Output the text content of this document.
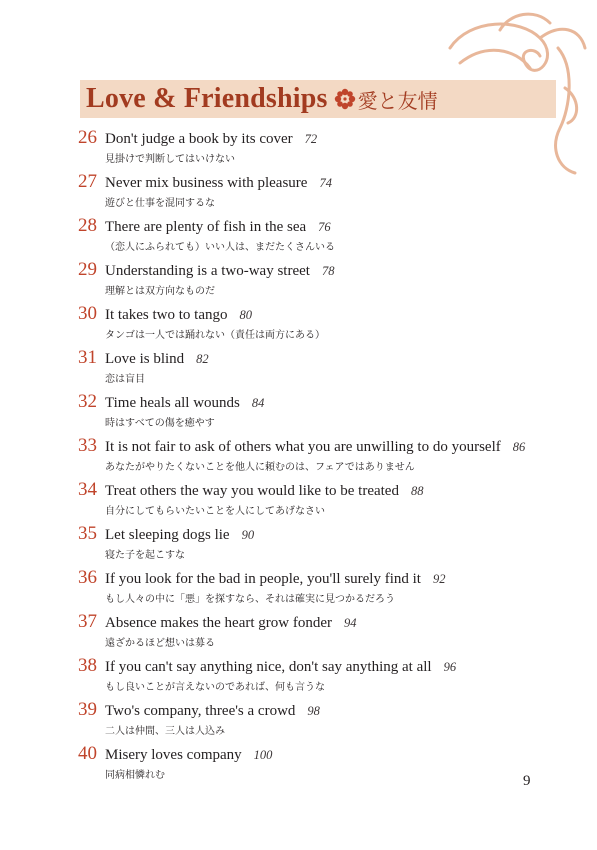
Love & Friendships 愛と友情
26 Don't judge a book by its cover 72
見掛けで判断してはいけない
27 Never mix business with pleasure 74
遊びと仕事を混同するな
28 There are plenty of fish in the sea 76
（恋人にふられても）いい人は、まだたくさんいる
29 Understanding is a two-way street 78
理解とは双方向なものだ
30 It takes two to tango 80
タンゴは一人では踊れない（責任は両方にある）
31 Love is blind 82
恋は盲目
32 Time heals all wounds 84
時はすべての傷を癒やす
33 It is not fair to ask of others what you are unwilling to do yourself 86
あなたがやりたくないことを他人に頼むのは、フェアではありません
34 Treat others the way you would like to be treated 88
自分にしてもらいたいことを人にしてあげなさい
35 Let sleeping dogs lie 90
寝た子を起こすな
36 If you look for the bad in people, you'll surely find it 92
もし人々の中に「悪」を探すなら、それは確実に見つかるだろう
37 Absence makes the heart grow fonder 94
遠ざかるほど想いは募る
38 If you can't say anything nice, don't say anything at all 96
もし良いことが言えないのであれば、何も言うな
39 Two's company, three's a crowd 98
二人は仲間、三人は人込み
40 Misery loves company 100
同病相憐れむ	9
